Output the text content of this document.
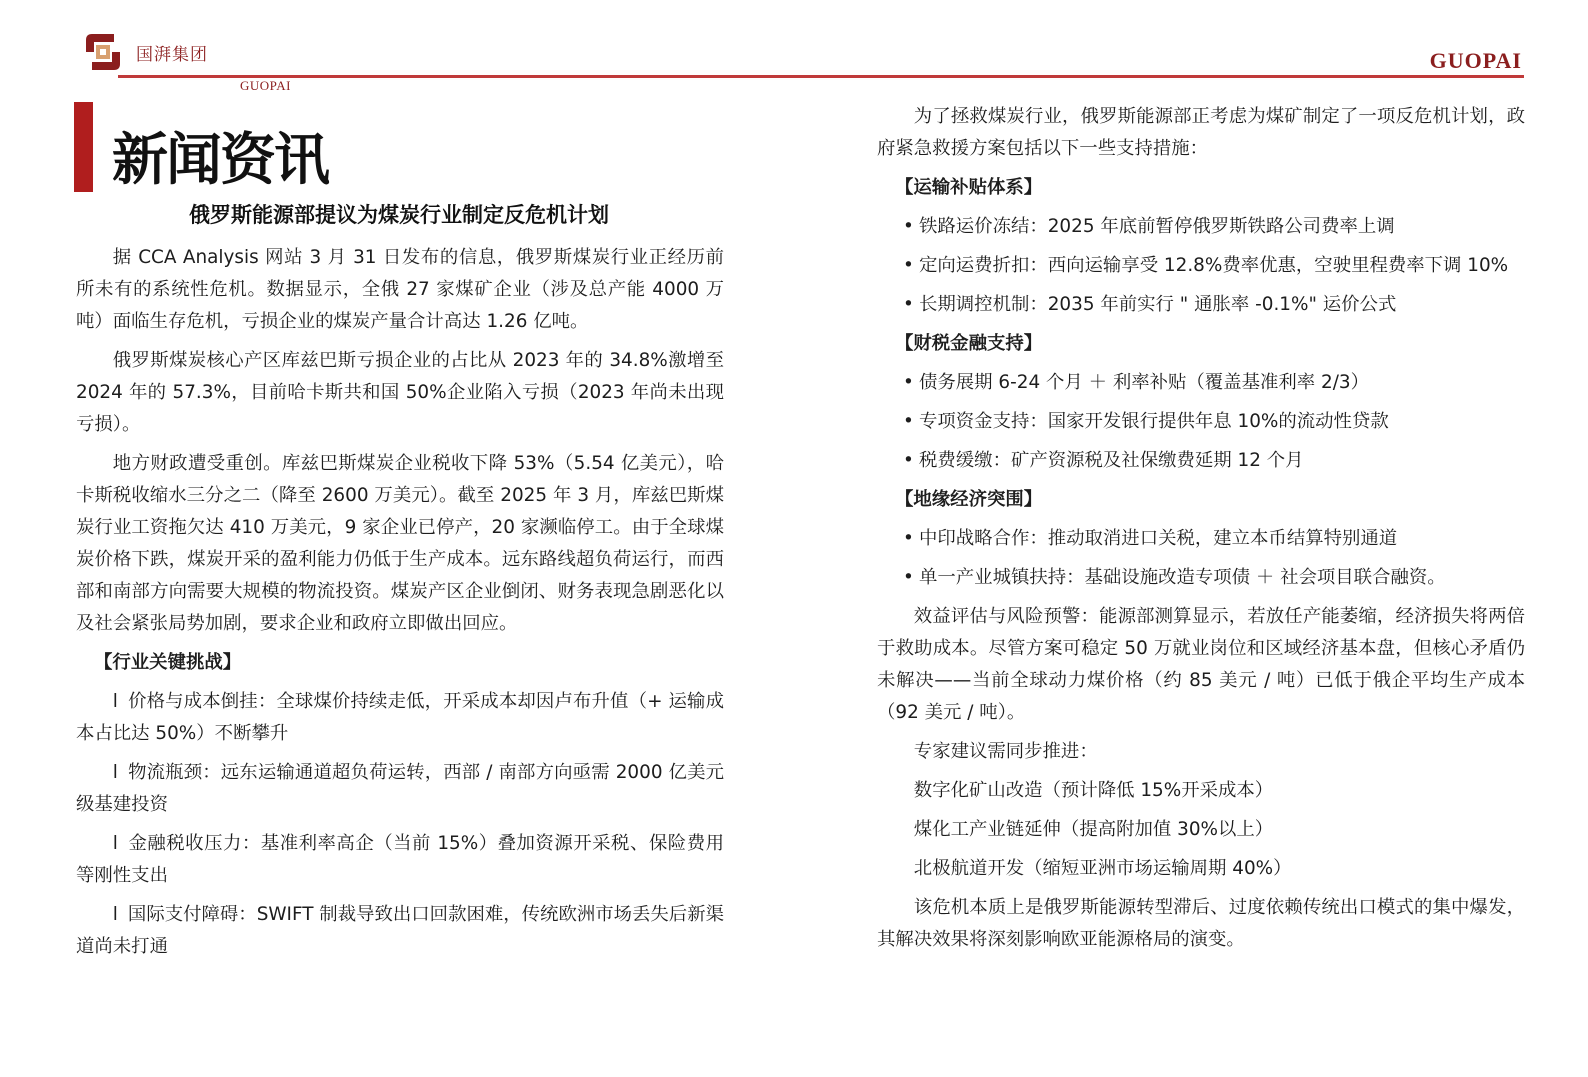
国湃集团
GUOPAI
GUOPAI
新闻资讯
俄罗斯能源部提议为煤炭行业制定反危机计划

据 CCA Analysis 网站 3 月 31 日发布的信息，俄罗斯煤炭行业正经历前所未有的系统性危机。数据显示，全俄 27 家煤矿企业（涉及总产能 4000 万吨）面临生存危机，亏损企业的煤炭产量合计高达 1.26 亿吨。

俄罗斯煤炭核心产区库兹巴斯亏损企业的占比从 2023 年的 34.8%激增至 2024 年的 57.3%，目前哈卡斯共和国 50%企业陷入亏损（2023 年尚未出现亏损）。

地方财政遭受重创。库兹巴斯煤炭企业税收下降 53%（5.54 亿美元），哈卡斯税收缩水三分之二（降至 2600 万美元）。截至 2025 年 3 月，库兹巴斯煤炭行业工资拖欠达 410 万美元，9 家企业已停产，20 家濒临停工。由于全球煤炭价格下跌，煤炭开采的盈利能力仍低于生产成本。远东路线超负荷运行，而西部和南部方向需要大规模的物流投资。煤炭产区企业倒闭、财务表现急剧恶化以及社会紧张局势加剧，要求企业和政府立即做出回应。

【行业关键挑战】

l 价格与成本倒挂：全球煤价持续走低，开采成本却因卢布升值（+ 运输成本占比达 50%）不断攀升

l 物流瓶颈：远东运输通道超负荷运转，西部 / 南部方向亟需 2000 亿美元级基建投资

l 金融税收压力：基准利率高企（当前 15%）叠加资源开采税、保险费用等刚性支出

l 国际支付障碍：SWIFT 制裁导致出口回款困难，传统欧洲市场丢失后新渠道尚未打通

为了拯救煤炭行业，俄罗斯能源部正考虑为煤矿制定了一项反危机计划，政府紧急救援方案包括以下一些支持措施：

【运输补贴体系】

• 铁路运价冻结：2025 年底前暂停俄罗斯铁路公司费率上调

• 定向运费折扣：西向运输享受 12.8%费率优惠，空驶里程费率下调 10%

• 长期调控机制：2035 年前实行 " 通胀率 -0.1%" 运价公式

【财税金融支持】

• 债务展期 6-24 个月 ＋ 利率补贴（覆盖基准利率 2/3）

• 专项资金支持：国家开发银行提供年息 10%的流动性贷款

• 税费缓缴：矿产资源税及社保缴费延期 12 个月

【地缘经济突围】

• 中印战略合作：推动取消进口关税，建立本币结算特别通道

• 单一产业城镇扶持：基础设施改造专项债 ＋ 社会项目联合融资。

效益评估与风险预警：能源部测算显示，若放任产能萎缩，经济损失将两倍于救助成本。尽管方案可稳定 50 万就业岗位和区域经济基本盘，但核心矛盾仍未解决——当前全球动力煤价格（约 85 美元 / 吨）已低于俄企平均生产成本（92 美元 / 吨）。

专家建议需同步推进：

数字化矿山改造（预计降低 15%开采成本）

煤化工产业链延伸（提高附加值 30%以上）

北极航道开发（缩短亚洲市场运输周期 40%）

该危机本质上是俄罗斯能源转型滞后、过度依赖传统出口模式的集中爆发，其解决效果将深刻影响欧亚能源格局的演变。
